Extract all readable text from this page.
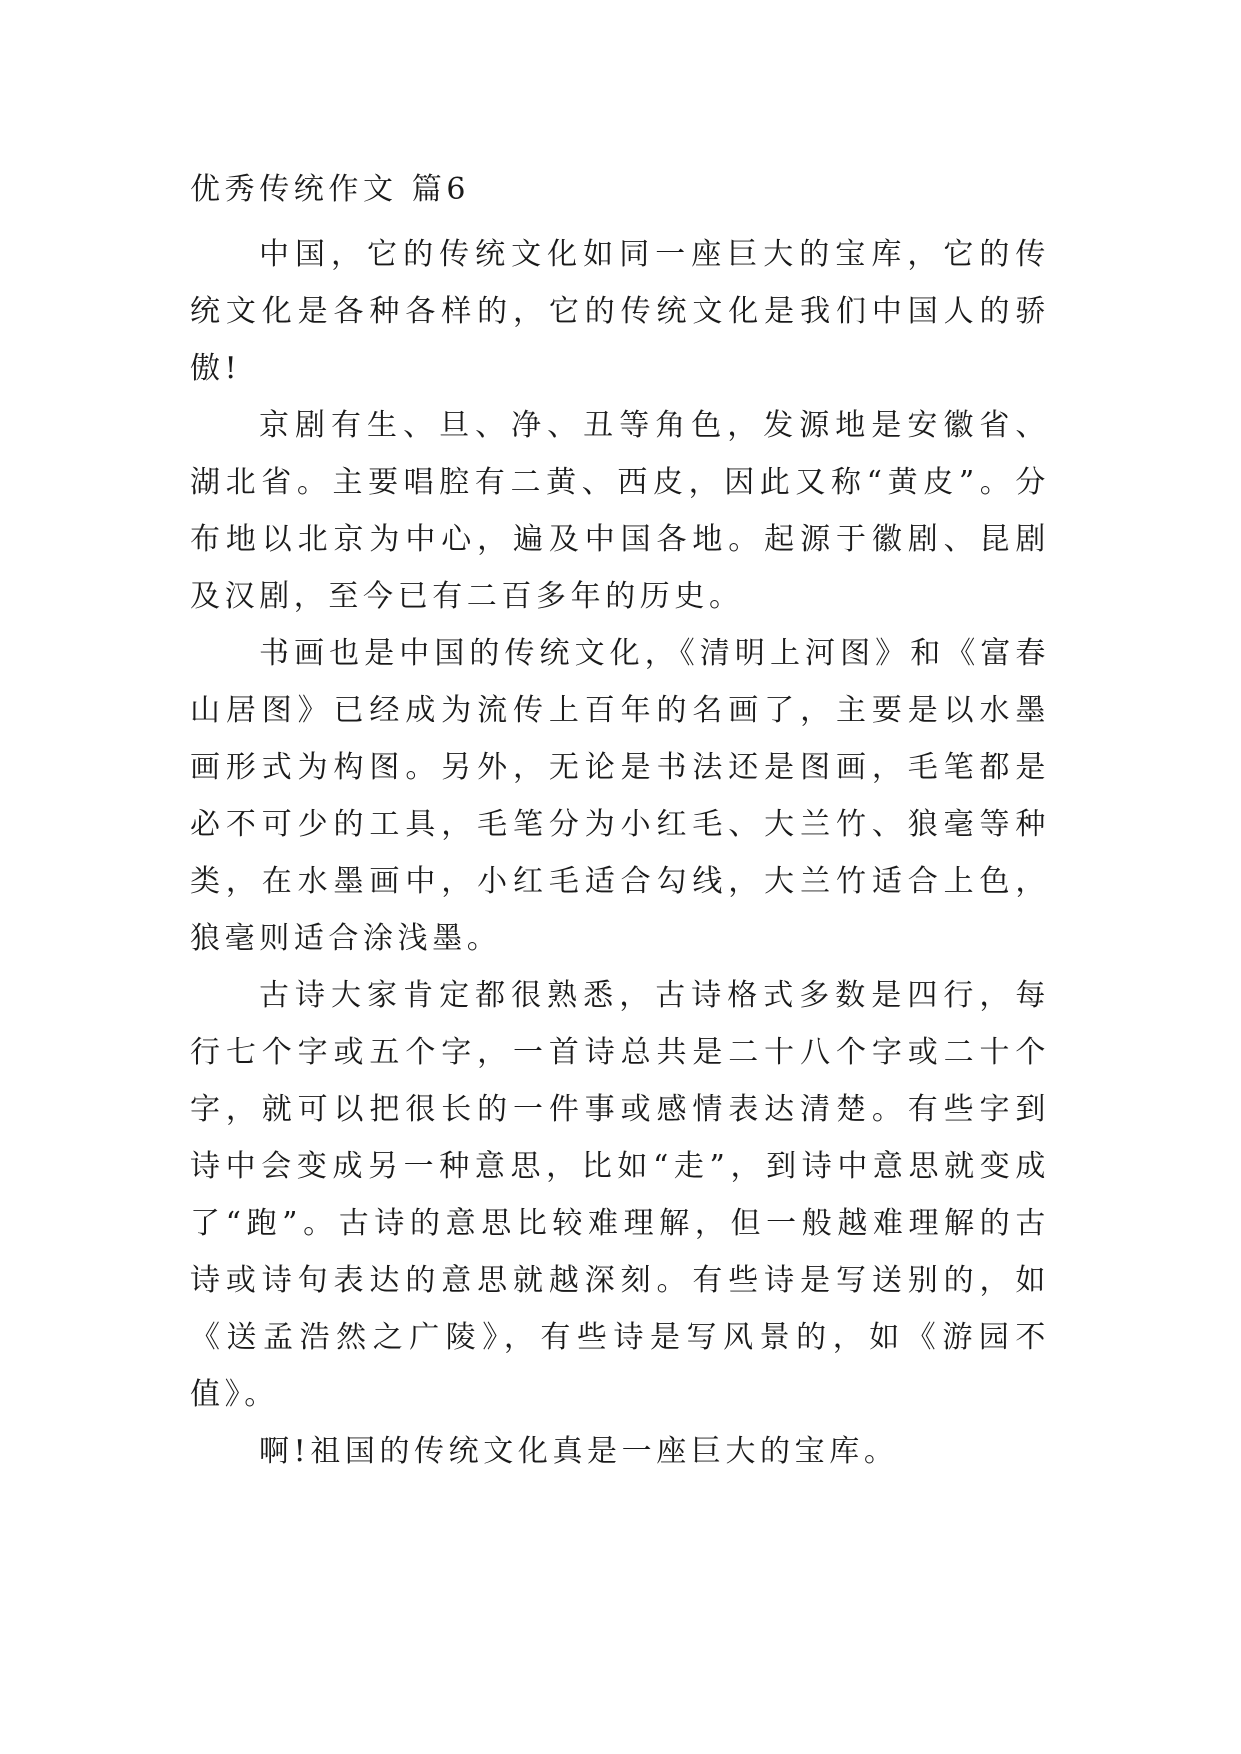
优秀传统作文 篇6

中国，它的传统文化如同一座巨大的宝库，它的传统文化是各种各样的，它的传统文化是我们中国人的骄傲!

京剧有生、旦、净、丑等角色，发源地是安徽省、湖北省。主要唱腔有二黄、西皮，因此又称“黄皮”。分布地以北京为中心，遍及中国各地。起源于徽剧、昆剧及汉剧，至今已有二百多年的历史。

书画也是中国的传统文化，《清明上河图》和《富春山居图》已经成为流传上百年的名画了，主要是以水墨画形式为构图。另外，无论是书法还是图画，毛笔都是必不可少的工具，毛笔分为小红毛、大兰竹、狼毫等种类，在水墨画中，小红毛适合勾线，大兰竹适合上色，狼毫则适合涂浅墨。

古诗大家肯定都很熟悉，古诗格式多数是四行，每行七个字或五个字，一首诗总共是二十八个字或二十个字，就可以把很长的一件事或感情表达清楚。有些字到诗中会变成另一种意思，比如“走”，到诗中意思就变成了“跑”。古诗的意思比较难理解，但一般越难理解的古诗或诗句表达的意思就越深刻。有些诗是写送别的，如《送孟浩然之广陵》，有些诗是写风景的，如《游园不值》。

啊!祖国的传统文化真是一座巨大的宝库。
